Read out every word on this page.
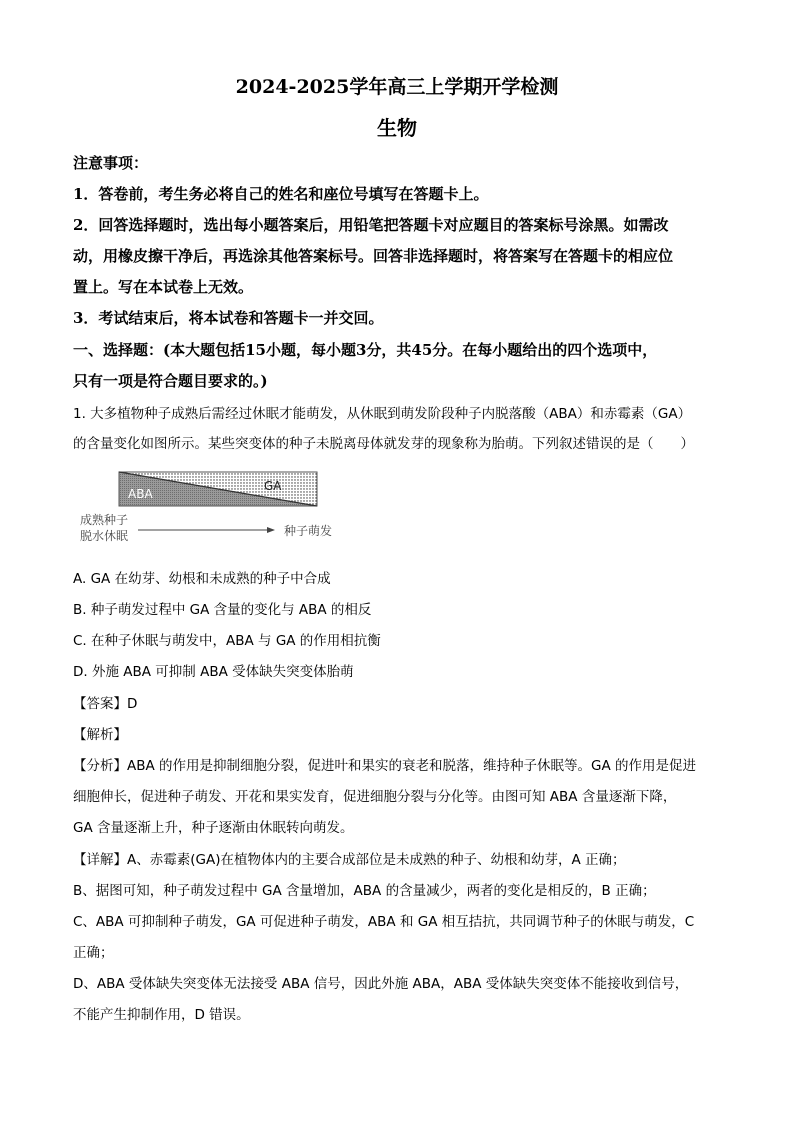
2024-2025学年高三上学期开学检测
生物
注意事项：
1．答卷前，考生务必将自己的姓名和座位号填写在答题卡上。
2．回答选择题时，选出每小题答案后，用铅笔把答题卡对应题目的答案标号涂黑。如需改
动，用橡皮擦干净后，再选涂其他答案标号。回答非选择题时，将答案写在答题卡的相应位
置上。写在本试卷上无效。
3．考试结束后，将本试卷和答题卡一并交回。
一、选择题：(本大题包括15小题，每小题3分，共45分。在每小题给出的四个选项中，
只有一项是符合题目要求的。)
1. 大多植物种子成熟后需经过休眠才能萌发，从休眠到萌发阶段种子内脱落酸（ABA）和赤霉素（GA）
的含量变化如图所示。某些突变体的种子未脱离母体就发芽的现象称为胎萌。下列叙述错误的是（　　）
ABA
GA
成熟种子
脱水休眠	种子萌发
A. GA 在幼芽、幼根和未成熟的种子中合成
B. 种子萌发过程中 GA 含量的变化与 ABA 的相反
C. 在种子休眠与萌发中，ABA 与 GA 的作用相抗衡
D. 外施 ABA 可抑制 ABA 受体缺失突变体胎萌
【答案】D
【解析】
【分析】ABA 的作用是抑制细胞分裂，促进叶和果实的衰老和脱落，维持种子休眠等。GA 的作用是促进
细胞伸长，促进种子萌发、开花和果实发育，促进细胞分裂与分化等。由图可知 ABA 含量逐渐下降，
GA 含量逐渐上升，种子逐渐由休眠转向萌发。
【详解】A、赤霉素(GA)在植物体内的主要合成部位是未成熟的种子、幼根和幼芽，A 正确；
B、据图可知，种子萌发过程中 GA 含量增加，ABA 的含量减少，两者的变化是相反的，B 正确；
C、ABA 可抑制种子萌发，GA 可促进种子萌发，ABA 和 GA 相互拮抗，共同调节种子的休眠与萌发，C
正确；
D、ABA 受体缺失突变体无法接受 ABA 信号，因此外施 ABA，ABA 受体缺失突变体不能接收到信号，
不能产生抑制作用，D 错误。
